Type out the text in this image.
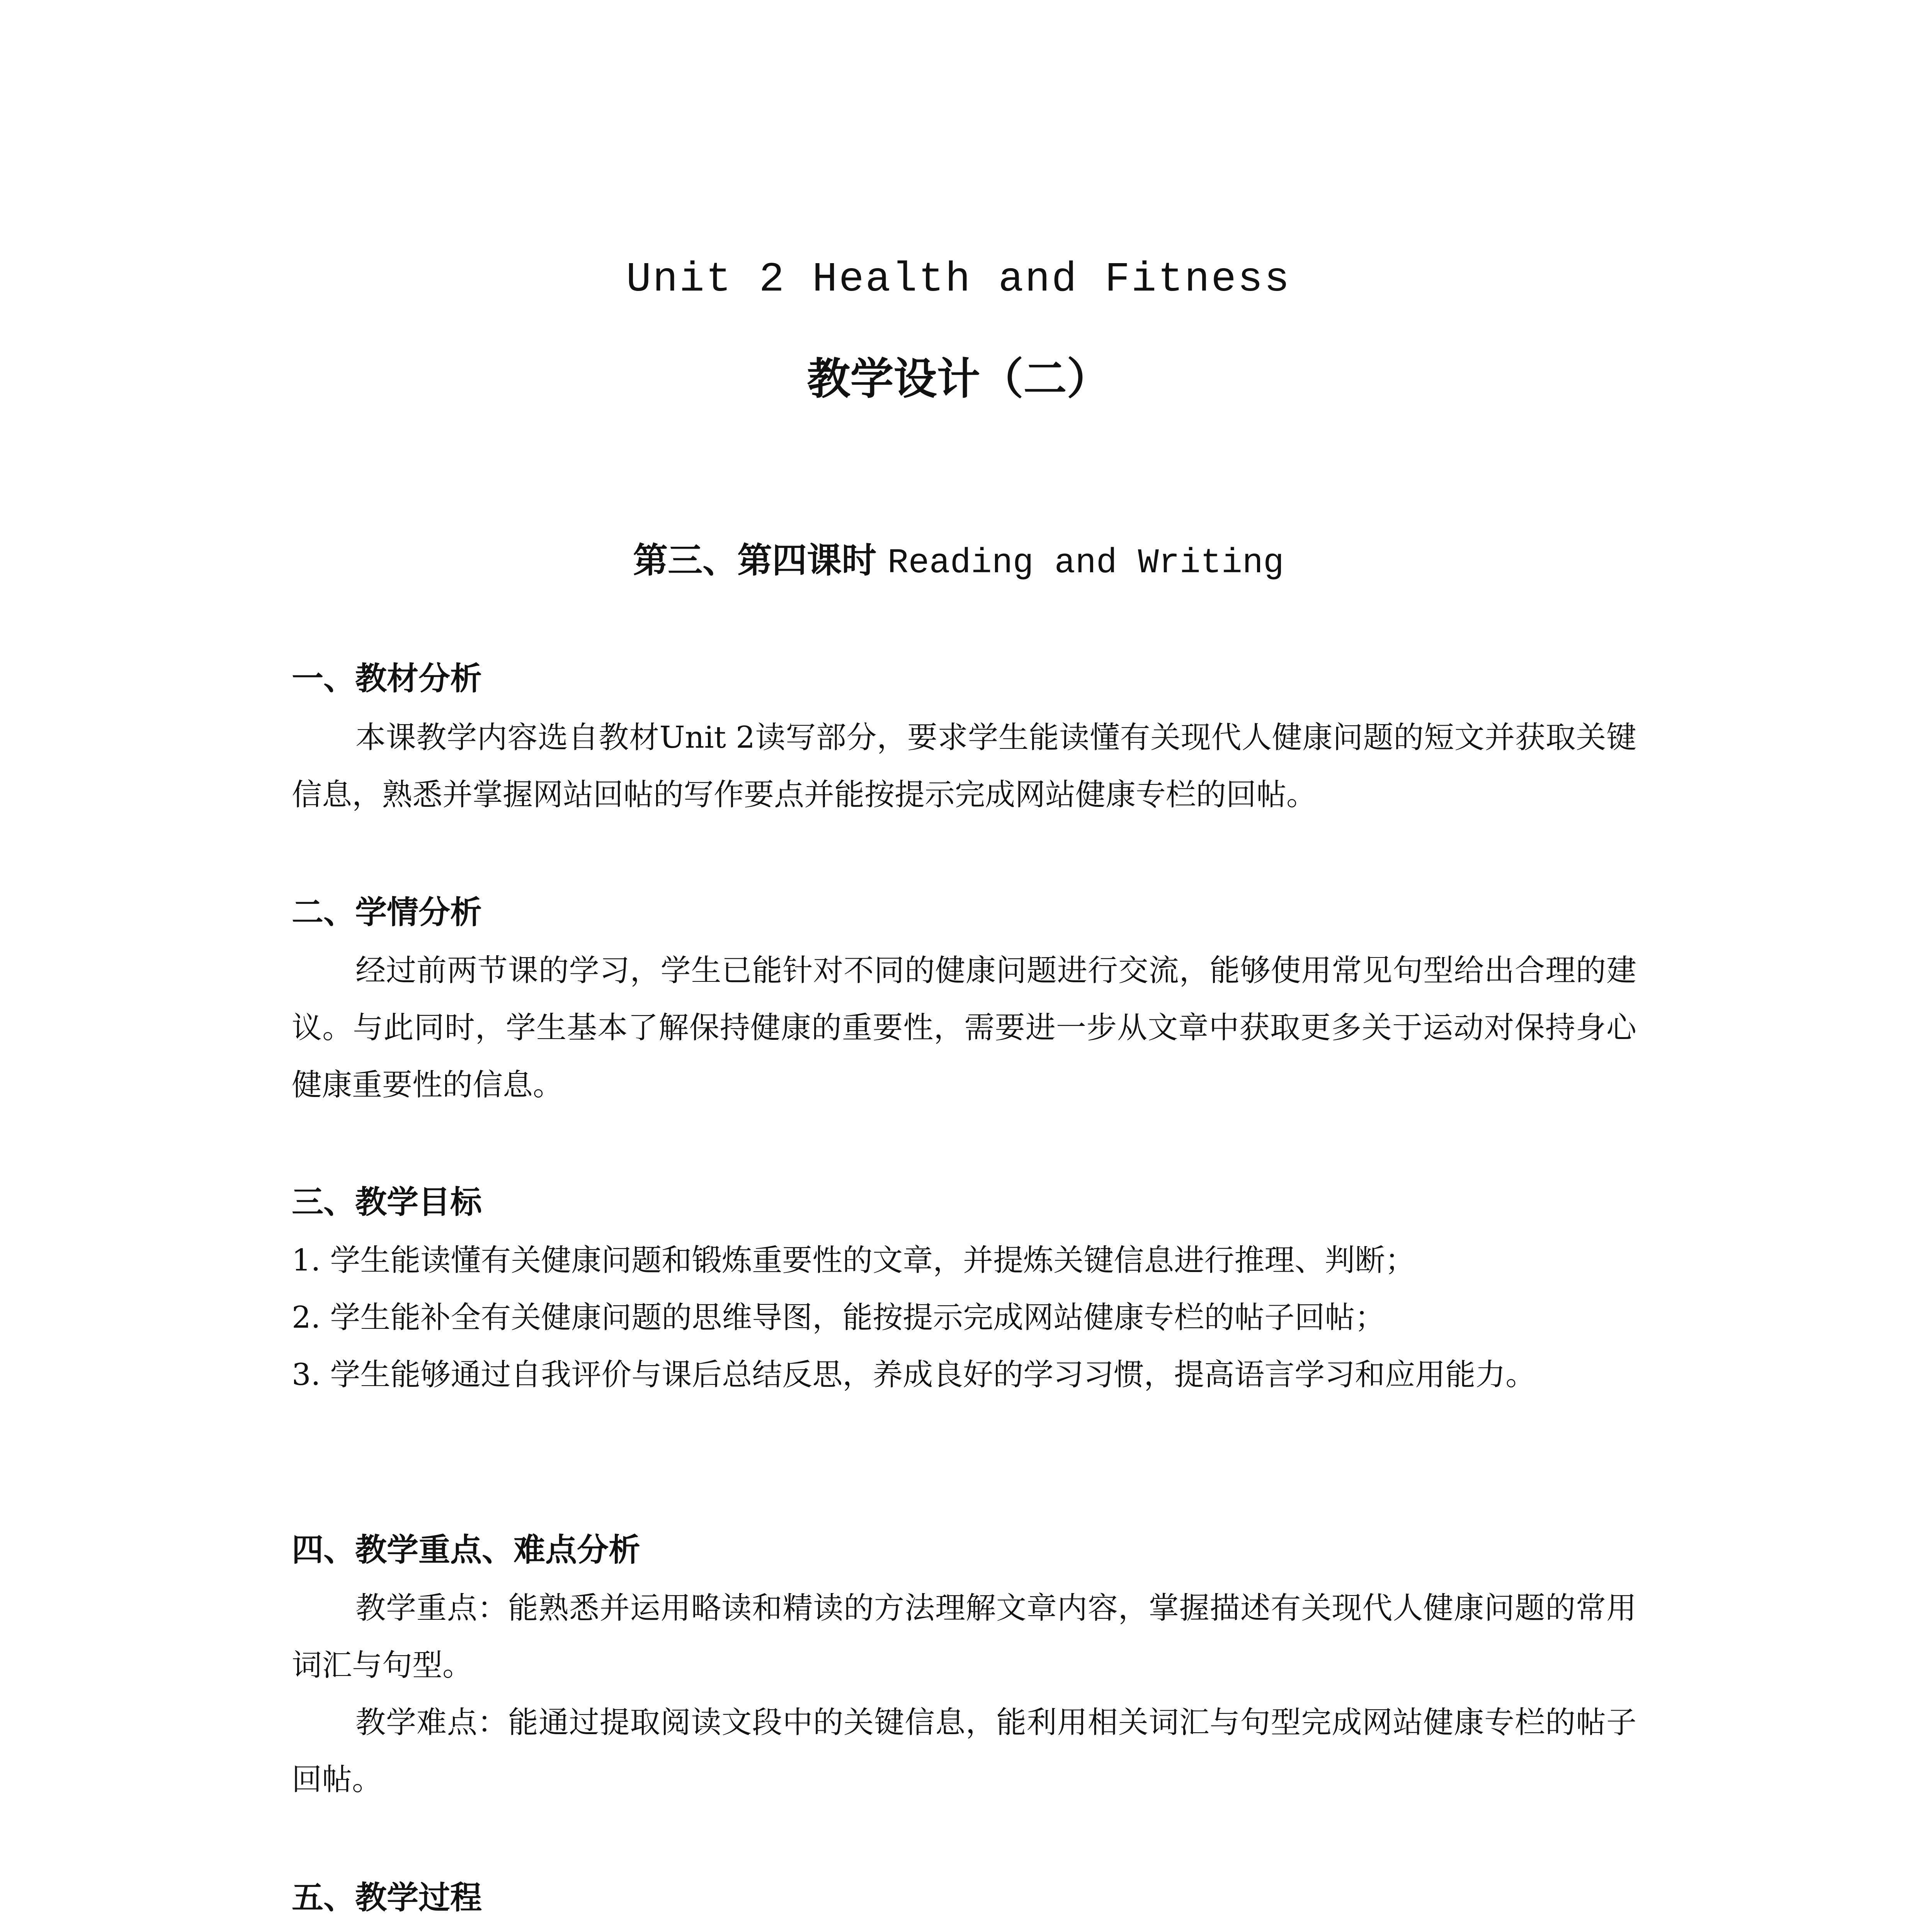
Unit 2 Health and Fitness
教学设计（二）
第三、第四课时 Reading and Writing
一、教材分析
本课教学内容选自教材Unit 2读写部分，要求学生能读懂有关现代人健康问题的短文并获取关键信息，熟悉并掌握网站回帖的写作要点并能按提示完成网站健康专栏的回帖。
二、学情分析
经过前两节课的学习，学生已能针对不同的健康问题进行交流，能够使用常见句型给出合理的建议。与此同时，学生基本了解保持健康的重要性，需要进一步从文章中获取更多关于运动对保持身心健康重要性的信息。
三、教学目标
1. 学生能读懂有关健康问题和锻炼重要性的文章，并提炼关键信息进行推理、判断；
2. 学生能补全有关健康问题的思维导图，能按提示完成网站健康专栏的帖子回帖；
3. 学生能够通过自我评价与课后总结反思，养成良好的学习习惯，提高语言学习和应用能力。
四、教学重点、难点分析
教学重点：能熟悉并运用略读和精读的方法理解文章内容，掌握描述有关现代人健康问题的常用词汇与句型。
教学难点：能通过提取阅读文段中的关键信息，能利用相关词汇与句型完成网站健康专栏的帖子回帖。
五、教学过程
